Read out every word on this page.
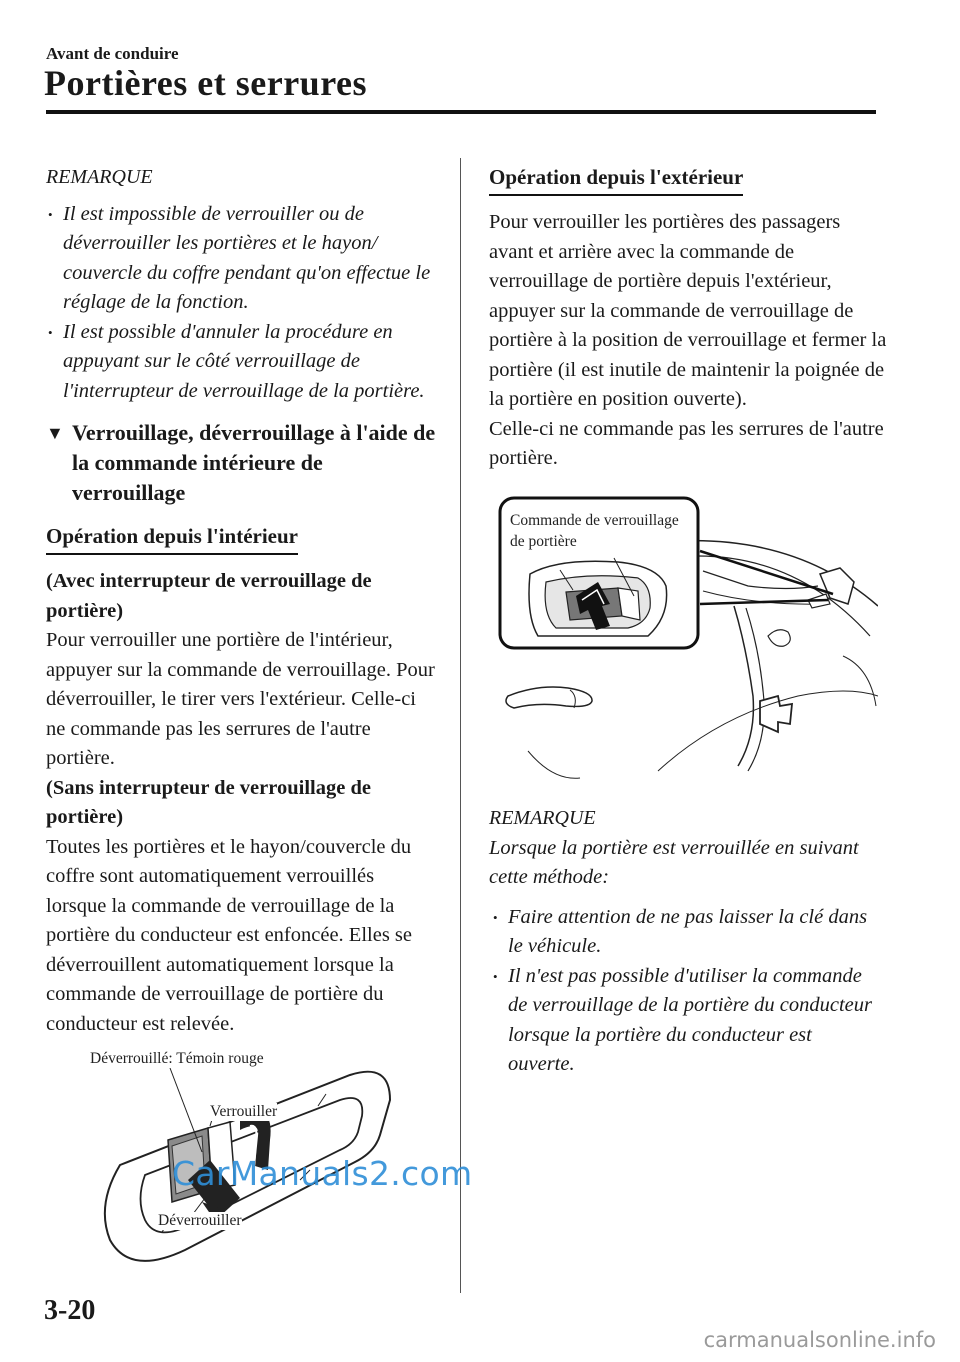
Avant de conduire
Portières et serrures
REMARQUE
• Il est impossible de verrouiller ou de déverrouiller les portières et le hayon/ couvercle du coffre pendant qu'on effectue le réglage de la fonction.
• Il est possible d'annuler la procédure en appuyant sur le côté verrouillage de l'interrupteur de verrouillage de la portière.
▼ Verrouillage, déverrouillage à l'aide de la commande intérieure de verrouillage
Opération depuis l'intérieur

(Avec interrupteur de verrouillage de portière)

Pour verrouiller une portière de l'intérieur, appuyer sur la commande de verrouillage. Pour déverrouiller, le tirer vers l'extérieur. Celle-ci ne commande pas les serrures de l'autre portière.

(Sans interrupteur de verrouillage de portière)

Toutes les portières et le hayon/couvercle du coffre sont automatiquement verrouillés lorsque la commande de verrouillage de la portière du conducteur est enfoncée. Elles se déverrouillent automatiquement lorsque la commande de verrouillage de portière du conducteur est relevée.

Déverrouillé: Témoin rouge
Verrouiller
Déverrouiller
CarManuals2.com
Opération depuis l'extérieur

Pour verrouiller les portières des passagers avant et arrière avec la commande de verrouillage de portière depuis l'extérieur, appuyer sur la commande de verrouillage de portière à la position de verrouillage et fermer la portière (il est inutile de maintenir la poignée de la portière en position ouverte).

Celle-ci ne commande pas les serrures de l'autre portière.

Commande de verrouillage de portière
REMARQUE

Lorsque la portière est verrouillée en suivant cette méthode:

• Faire attention de ne pas laisser la clé dans le véhicule.
• Il n'est pas possible d'utiliser la commande de verrouillage de la portière du conducteur lorsque la portière du conducteur est ouverte.
3-20
carmanualsonline.info
